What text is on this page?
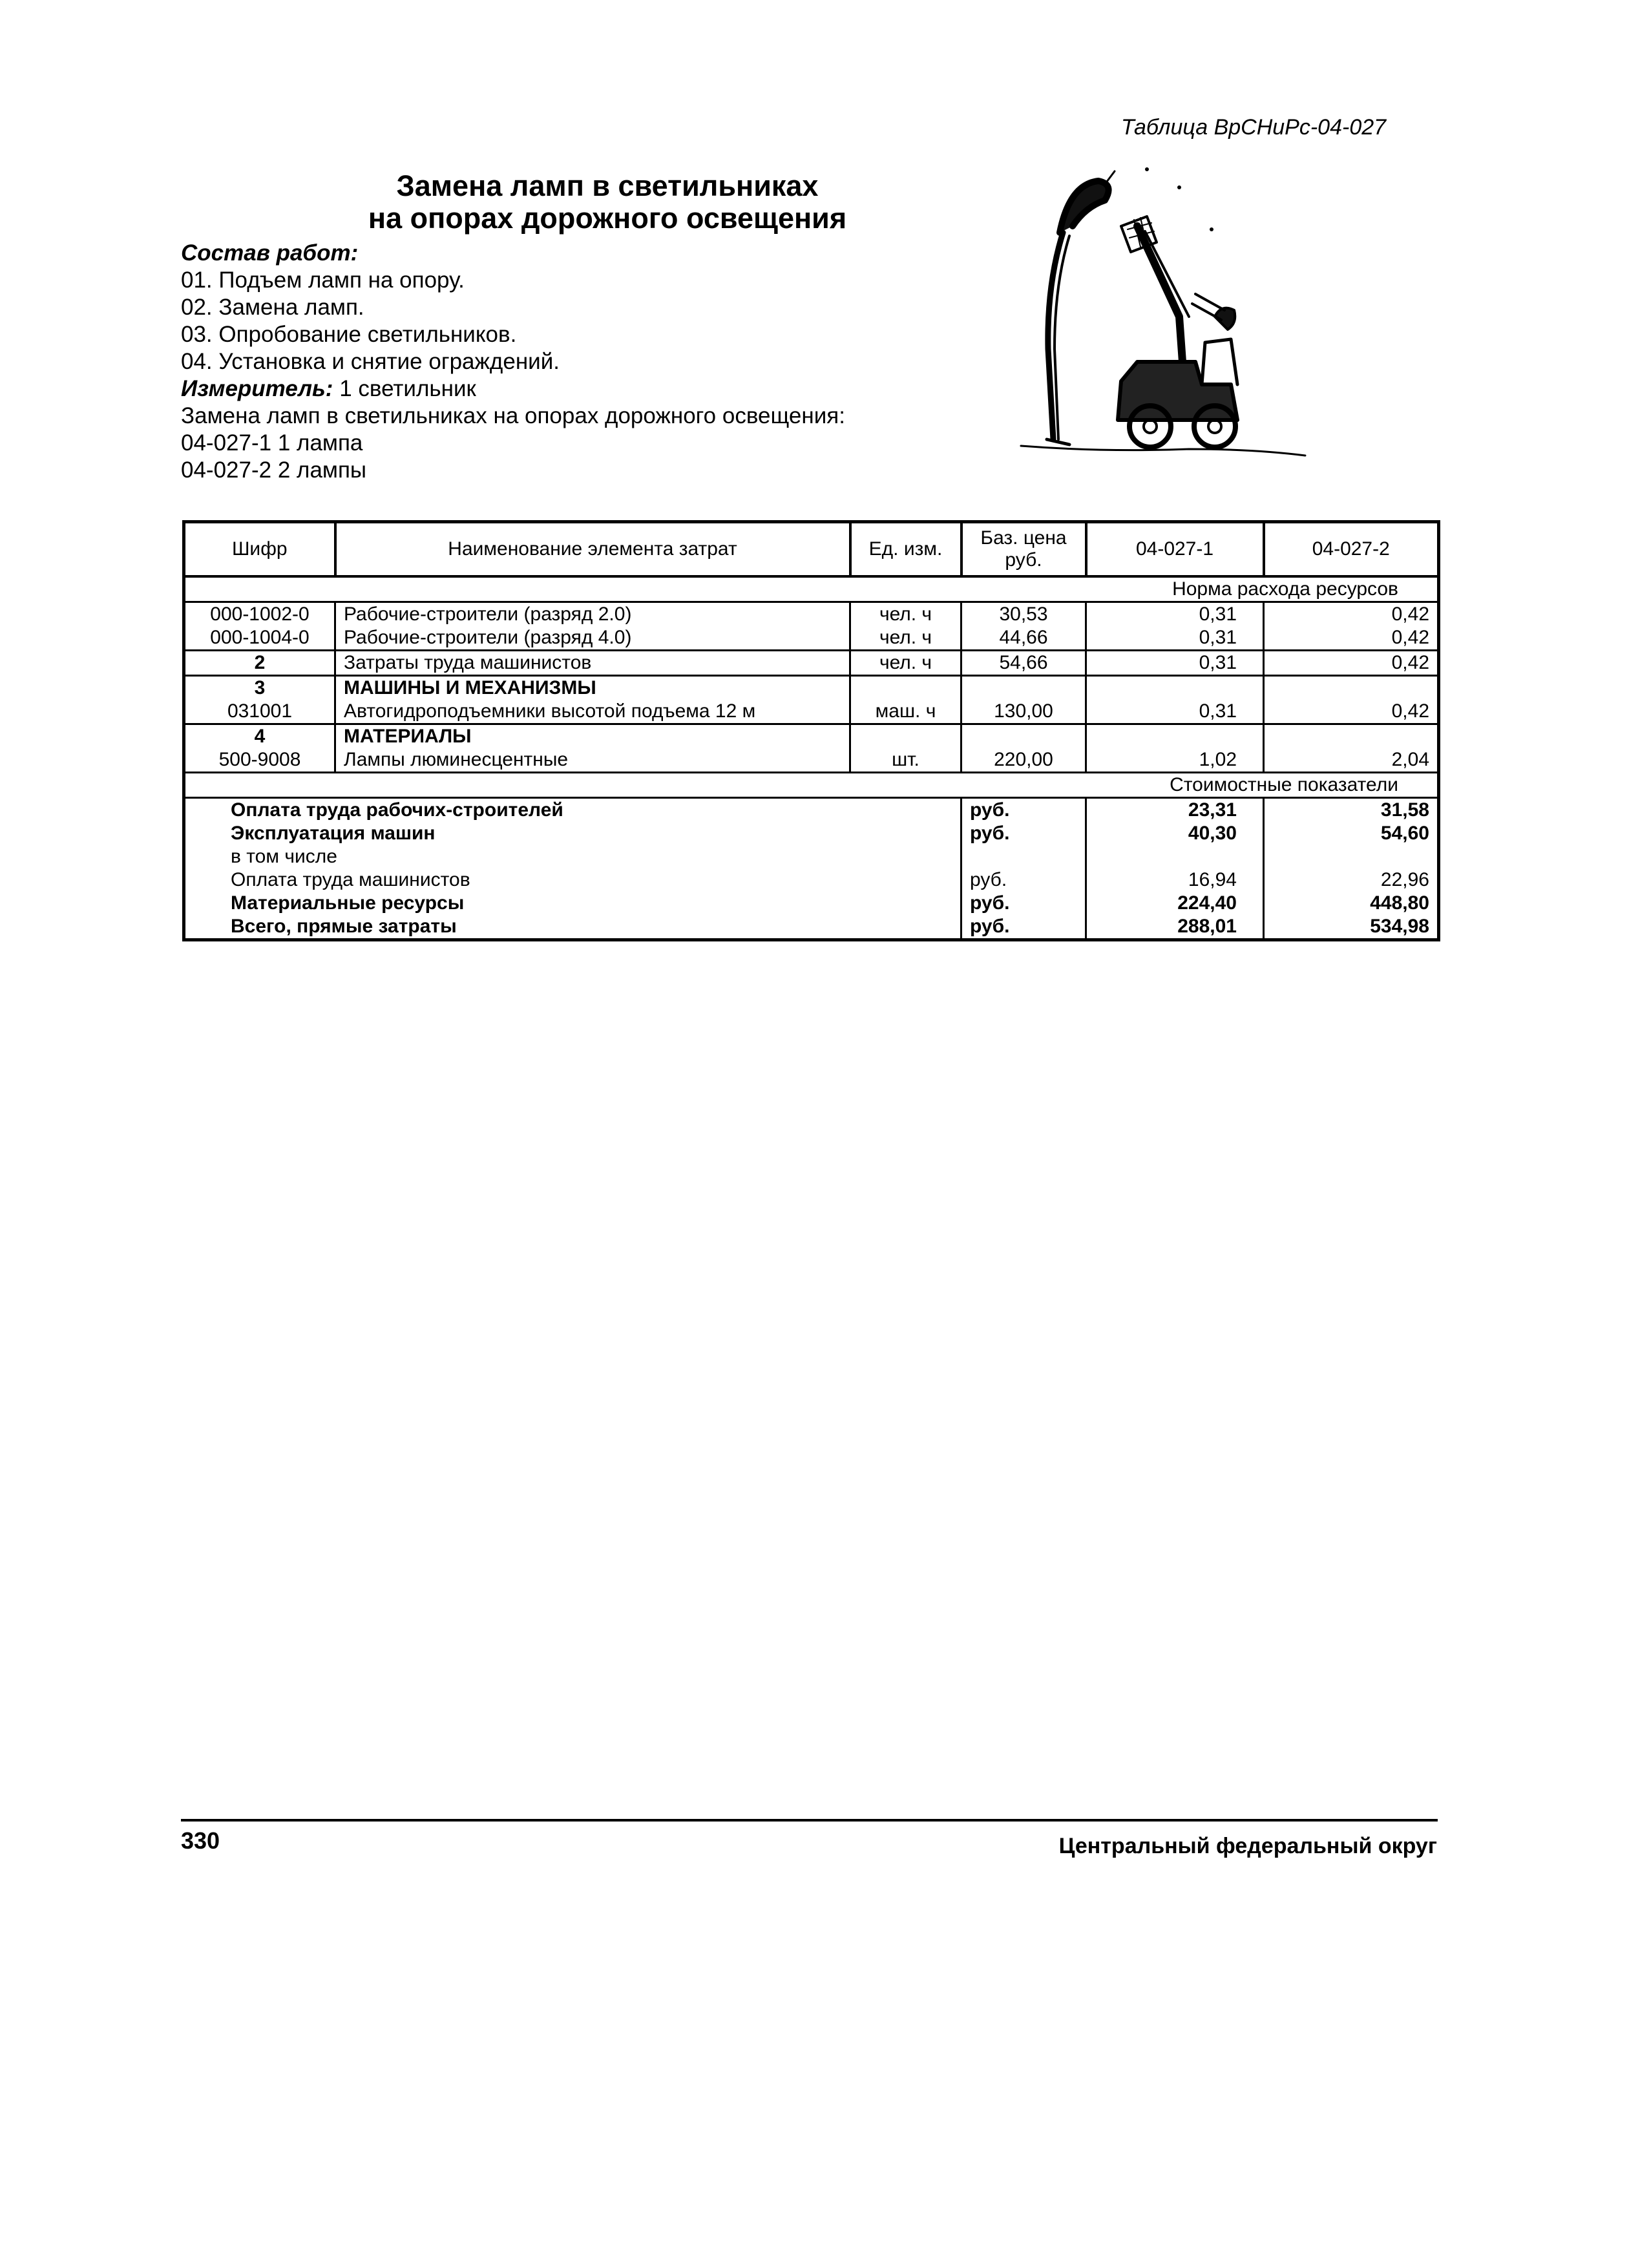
Таблица ВрСНиРс-04-027
Замена ламп в светильниках
на опорах дорожного освещения
Состав работ:
01. Подъем ламп на опору.
02. Замена ламп.
03. Опробование светильников.
04. Установка и снятие ограждений.
Измеритель: 1 светильник
Замена ламп в светильниках на опорах дорожного освещения:
04-027-1 1 лампа
04-027-2 2 лампы
Шифр	Наименование элемента затрат	Ед. изм.	Баз. цена руб.	04-027-1	04-027-2
Норма расхода ресурсов					
000-1002-0	Рабочие-строители (разряд 2.0)	чел. ч	30,53	0,31	0,42
000-1004-0	Рабочие-строители (разряд 4.0)	чел. ч	44,66	0,31	0,42
2	Затраты труда машинистов	чел. ч	54,66	0,31	0,42
3	МАШИНЫ И МЕХАНИЗМЫ				
031001	Автогидроподъемники высотой подъема 12 м	маш. ч	130,00	0,31	0,42
4	МАТЕРИАЛЫ				
500-9008	Лампы люминесцентные	шт.	220,00	1,02	2,04
Стоимостные показатели					
Оплата труда рабочих-строителей			руб.	23,31	31,58
Эксплуатация машин			руб.	40,30	54,60
в том числе					
Оплата труда машинистов			руб.	16,94	22,96
Материальные ресурсы			руб.	224,40	448,80
Всего, прямые затраты			руб.	288,01	534,98
330	Центральный федеральный округ
